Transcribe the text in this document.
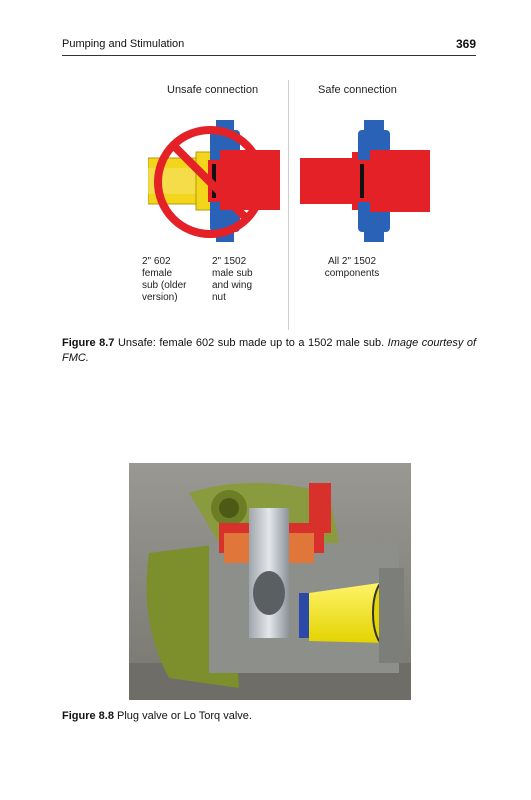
Pumping and Stimulation	369
Unsafe connection	Safe connection
2" 602
female
sub (older
version)
2" 1502
male sub
and wing
nut
All 2" 1502
components
Figure 8.7 Unsafe: female 602 sub made up to a 1502 male sub. Image courtesy of FMC.
Figure 8.8 Plug valve or Lo Torq valve.
